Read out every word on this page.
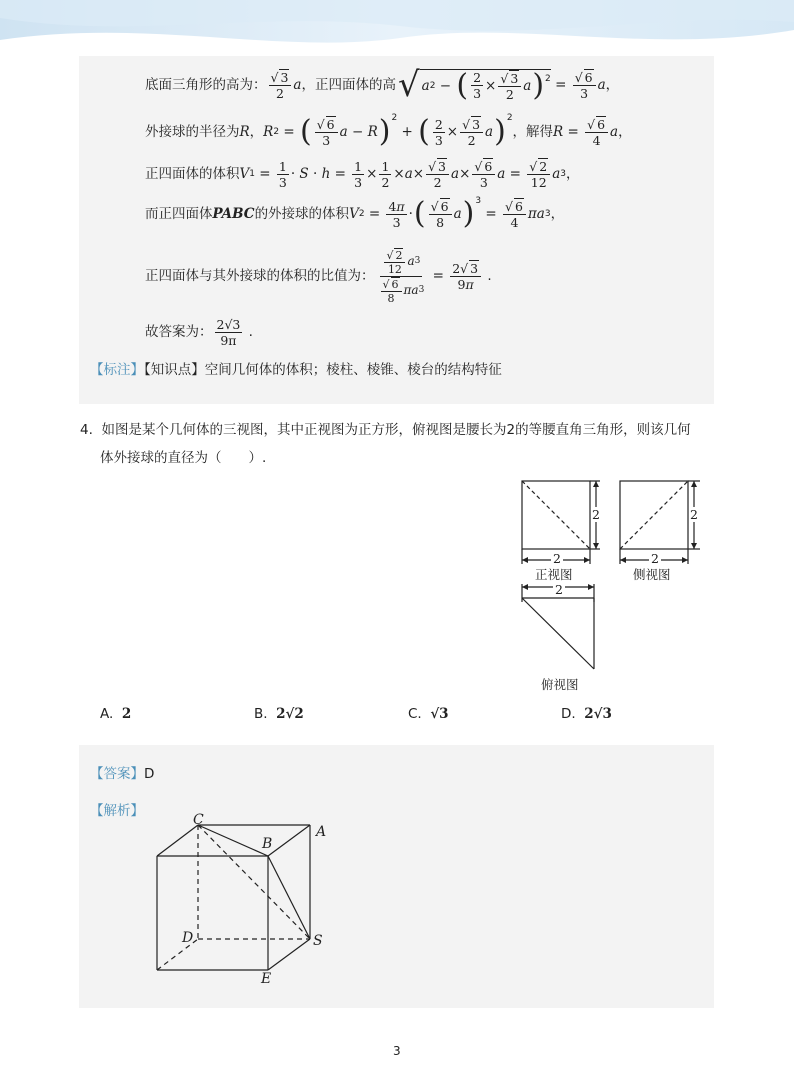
底面三角形的高为： $\frac{√ 3}{2}$ a ，正四面体的高 √ a 2 − ( $\frac{2}{3} \times \frac{√ 3}{2}$ a )$^2 = \frac{√ 6}{3}$ a ，
外接球的半径为 R ， R 2 = ( $\frac{√ 6}{3}$ a − R )$^2$
+ ( $\frac{2}{3} \times \frac{√ 3}{2}$ a )$^2$
，解得 $R = \frac{√ 6}{4}$ a ，
正四面体的体积 V $1 = \frac{1}{3} \cdot S \cdot h = \frac{1}{3} \times \frac{1}{2} \times a \times \frac{√ 3}{2}$ $a \times \frac{√ 6}{3}$ $a = \frac{√ 2}{12}$ a 3 ，
而正四面体 PABC 的外接球的体积 V $2 = \frac{4\pi}{3}$ · ( $\frac{√ 6}{8}$ a )$^3$
= $\frac{√ 6}{4}$ πa 3 ，
正四面体与其外接球的体积的比值为： $\frac{\frac{√ 2}{12} a 3}{\frac{√ 6}{8} \pi a 3} = \frac{2√ 3}{9\pi}$ .
故答案为： $\frac{2√3}{9\pi}$ .
【标注】【知识点】空间几何体的体积；棱柱、棱锥、棱台的结构特征
4. 如图是某个几何体的三视图，其中正视图为正方形，俯视图是腰长为2的等腰直角三角形，则该几何
体外接球的直径为（　　）.
2
2
2
2
2
正视图	侧视图
俯视图
A. 2	B. 2√2	C. √3	D. 2√3
【答案】D
【解析】
C
B
A
D	S
E
3
